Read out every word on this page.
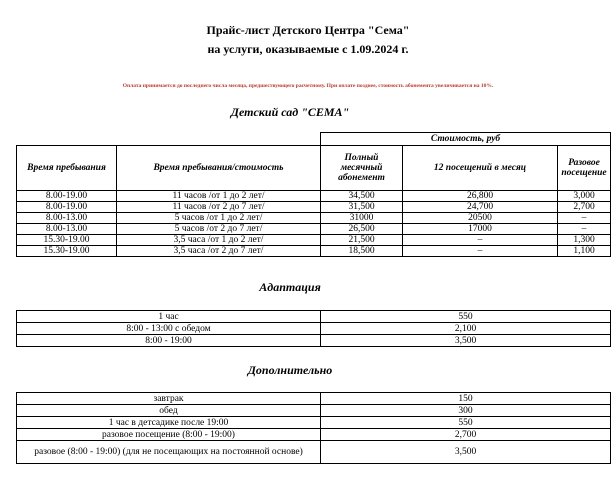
Прайс-лист Детского Центра "Сема"
на услуги, оказываемые с 1.09.2024 г.
Оплата принимается до последнего числа месяца, предшествующего расчетному. При оплате позднее, стоимость абонемента увеличивается на 10%.
Детский сад "СЕМА"
		Стоимость, руб		
Время пребывания	Время пребывания/стоимость	Полный месячный абонемент	12 посещений в месяц	Разовое посещение
8.00-19.00	11 часов /от 1 до 2 лет/	34,500	26,800	3,000
8.00-19.00	11 часов /от 2 до 7 лет/	31,500	24,700	2,700
8.00-13.00	5 часов /от 1 до 2 лет/	31000	20500	–
8.00-13.00	5 часов /от 2 до 7 лет/	26,500	17000	–
15.30-19.00	3,5 часа /от 1 до 2 лет/	21,500	–	1,300
15.30-19.00	3,5 часа /от 2 до 7 лет/	18,500	–	1,100
Адаптация
1 час	550
8:00 - 13:00 с обедом	2,100
8:00 - 19:00	3,500
Дополнительно
завтрак	150
обед	300
1 час в детсадике после 19:00	550
разовое посещение (8:00 - 19:00)	2,700
разовое (8:00 - 19:00) (для не посещающих на постоянной основе)	3,500
